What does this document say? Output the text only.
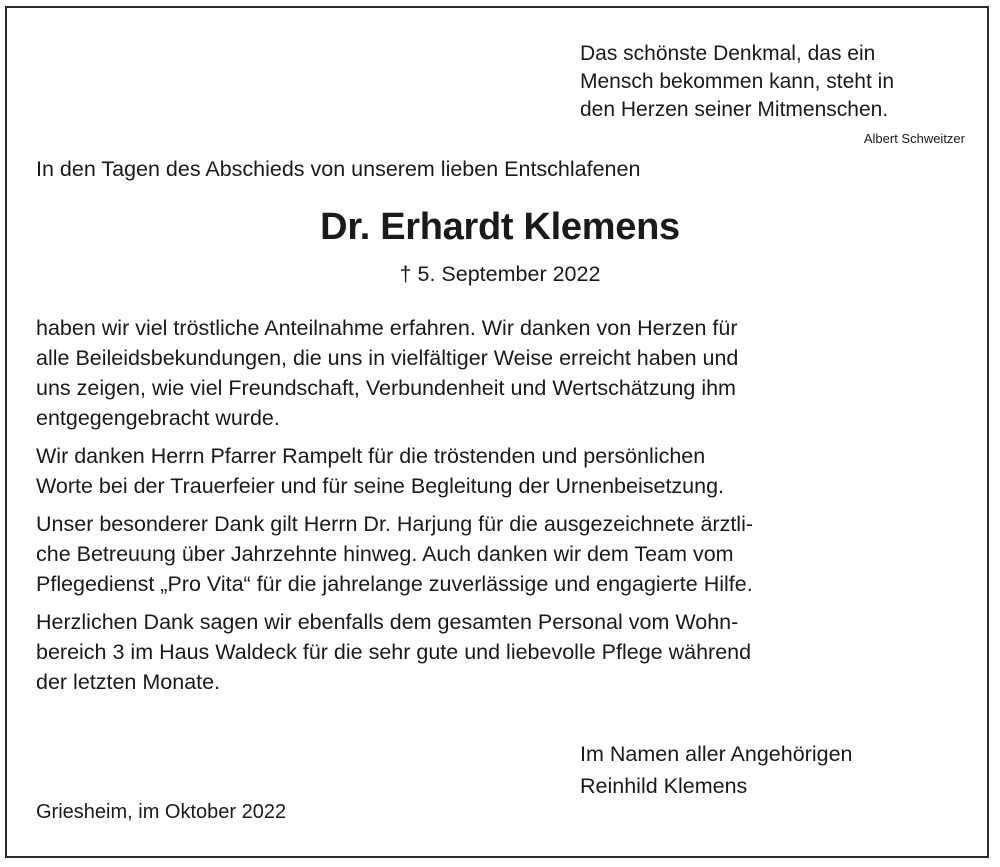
Das schönste Denkmal, das ein
Mensch bekommen kann, steht in
den Herzen seiner Mitmenschen.
Albert Schweitzer
In den Tagen des Abschieds von unserem lieben Entschlafenen
Dr. Erhardt Klemens
† 5. September 2022

haben wir viel tröstliche Anteilnahme erfahren. Wir danken von Herzen für
alle Beileidsbekundungen, die uns in vielfältiger Weise erreicht haben und
uns zeigen, wie viel Freundschaft, Verbundenheit und Wertschätzung ihm
entgegengebracht wurde.

Wir danken Herrn Pfarrer Rampelt für die tröstenden und persönlichen
Worte bei der Trauerfeier und für seine Begleitung der Urnenbeisetzung.

Unser besonderer Dank gilt Herrn Dr. Harjung für die ausgezeichnete ärztli-
che Betreuung über Jahrzehnte hinweg. Auch danken wir dem Team vom
Pflegedienst „Pro Vita“ für die jahrelange zuverlässige und engagierte Hilfe.

Herzlichen Dank sagen wir ebenfalls dem gesamten Personal vom Wohn-
bereich 3 im Haus Waldeck für die sehr gute und liebevolle Pflege während
der letzten Monate.

Im Namen aller Angehörigen
Reinhild Klemens
Griesheim, im Oktober 2022
